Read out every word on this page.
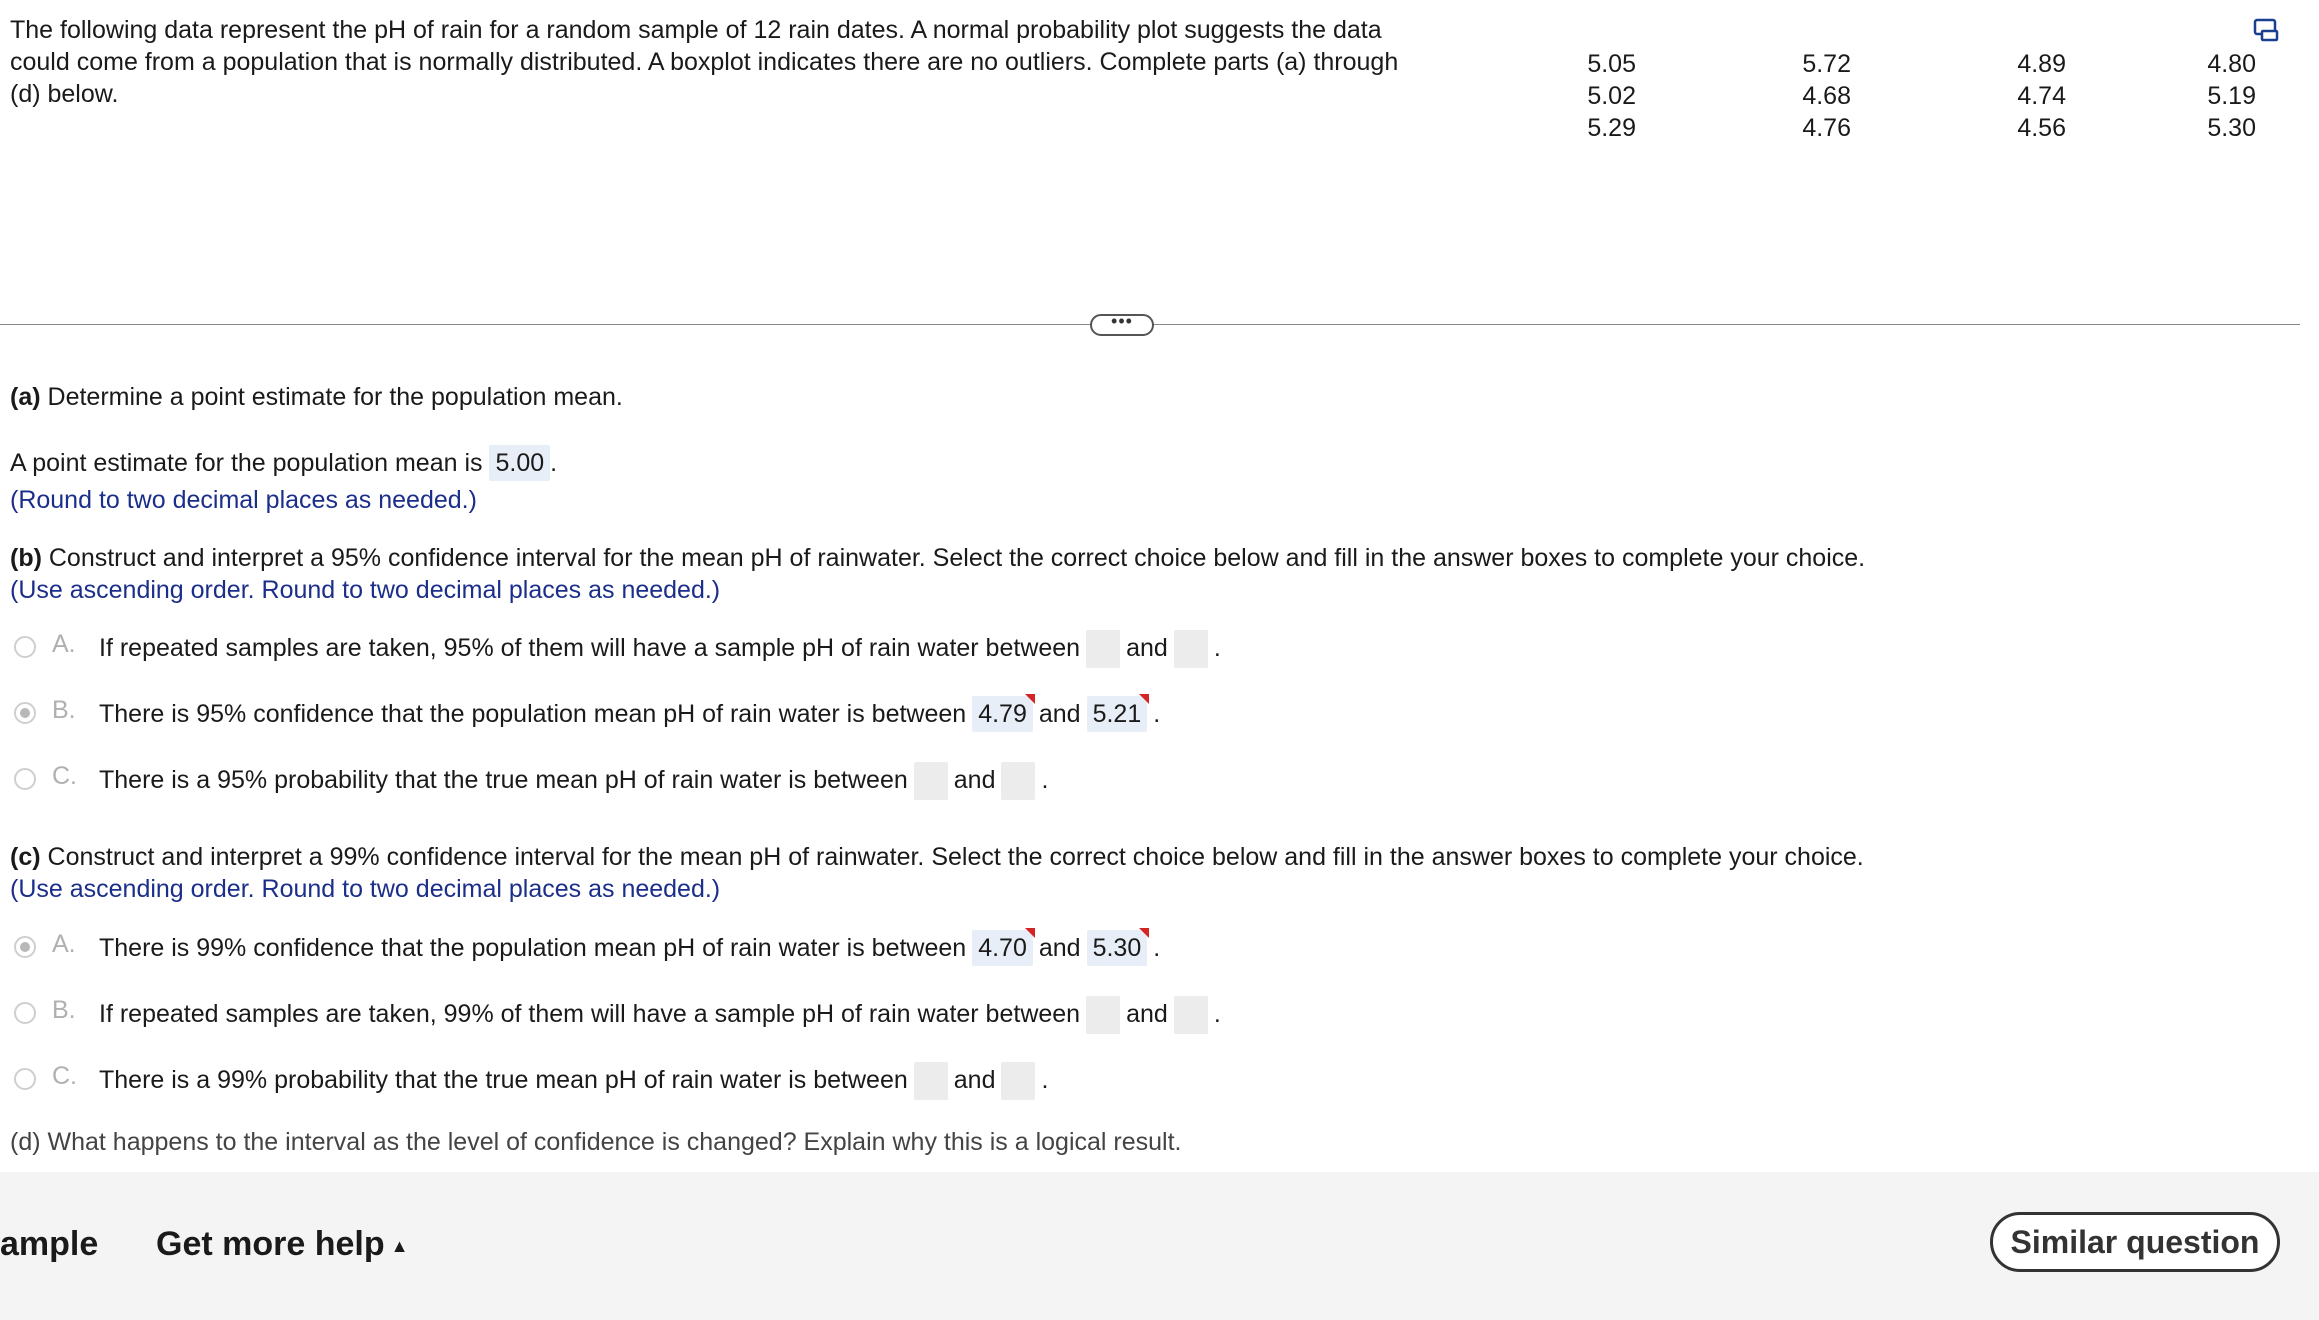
The following data represent the pH of rain for a random sample of 12 rain dates. A normal probability plot suggests the data could come from a population that is normally distributed. A boxplot indicates there are no outliers. Complete parts (a) through (d) below.
5.05
5.02
5.29
5.72
4.68
4.76
4.89
4.74
4.56
4.80
5.19
5.30
•••
(a) Determine a point estimate for the population mean.
A point estimate for the population mean is 5.00 .
(Round to two decimal places as needed.)
(b) Construct and interpret a 95% confidence interval for the mean pH of rainwater. Select the correct choice below and fill in the answer boxes to complete your choice.
(Use ascending order. Round to two decimal places as needed.)
A. If repeated samples are taken, 95% of them will have a sample pH of rain water between and .
B. There is 95% confidence that the population mean pH of rain water is between 4.79 and 5.21 .
C. There is a 95% probability that the true mean pH of rain water is between and .
(c) Construct and interpret a 99% confidence interval for the mean pH of rainwater. Select the correct choice below and fill in the answer boxes to complete your choice.
(Use ascending order. Round to two decimal places as needed.)
A. There is 99% confidence that the population mean pH of rain water is between 4.70 and 5.30 .
B. If repeated samples are taken, 99% of them will have a sample pH of rain water between and .
C. There is a 99% probability that the true mean pH of rain water is between and .
(d) What happens to the interval as the level of confidence is changed? Explain why this is a logical result.
ample Get more help ▲	Similar question
